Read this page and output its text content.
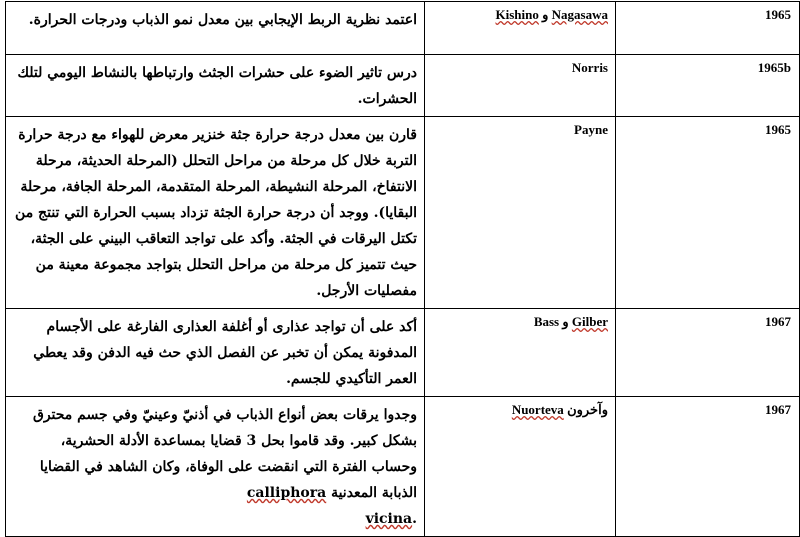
اعتمد نظرية الربط الإيجابي بين معدل نمو الذباب ودرجات الحرارة.	Kishino و Nagasawa	1965
درس تاثير الضوء على حشرات الجثث وارتباطها بالنشاط اليومي لتلك الحشرات.	Norris	1965b
قارن بين معدل درجة حرارة جثة خنزير معرض للهواء مع درجة حرارة التربة خلال كل مرحلة من مراحل التحلل (المرحلة الحديثة، مرحلة الانتفاخ، المرحلة النشيطة، المرحلة المتقدمة، المرحلة الجافة، مرحلة البقايا). ووجد أن درجة حرارة الجثة تزداد بسبب الحرارة التي تنتج من تكتل اليرقات في الجثة. وأكد على تواجد التعاقب البيني على الجثة، حيث تتميز كل مرحلة من مراحل التحلل بتواجد مجموعة معينة من مفصليات الأرجل.	Payne	1965
أكد على أن تواجد عذارى أو أغلفة العذارى الفارغة على الأجسام المدفونة يمكن أن تخبر عن الفصل الذي حث فيه الدفن وقد يعطي العمر التأكيدي للجسم.	Bass و Gilber	1967
وجدوا يرقات بعض أنواع الذباب في أذنيّ وعينيّ وفي جسم محترق بشكل كبير. وقد قاموا بحل 3 قضايا بمساعدة الأدلة الحشرية، وحساب الفترة التي انقضت على الوفاة، وكان الشاهد في القضايا الذبابة المعدنية calliphora
vicina.	Nuorteva وآخرون	1967
